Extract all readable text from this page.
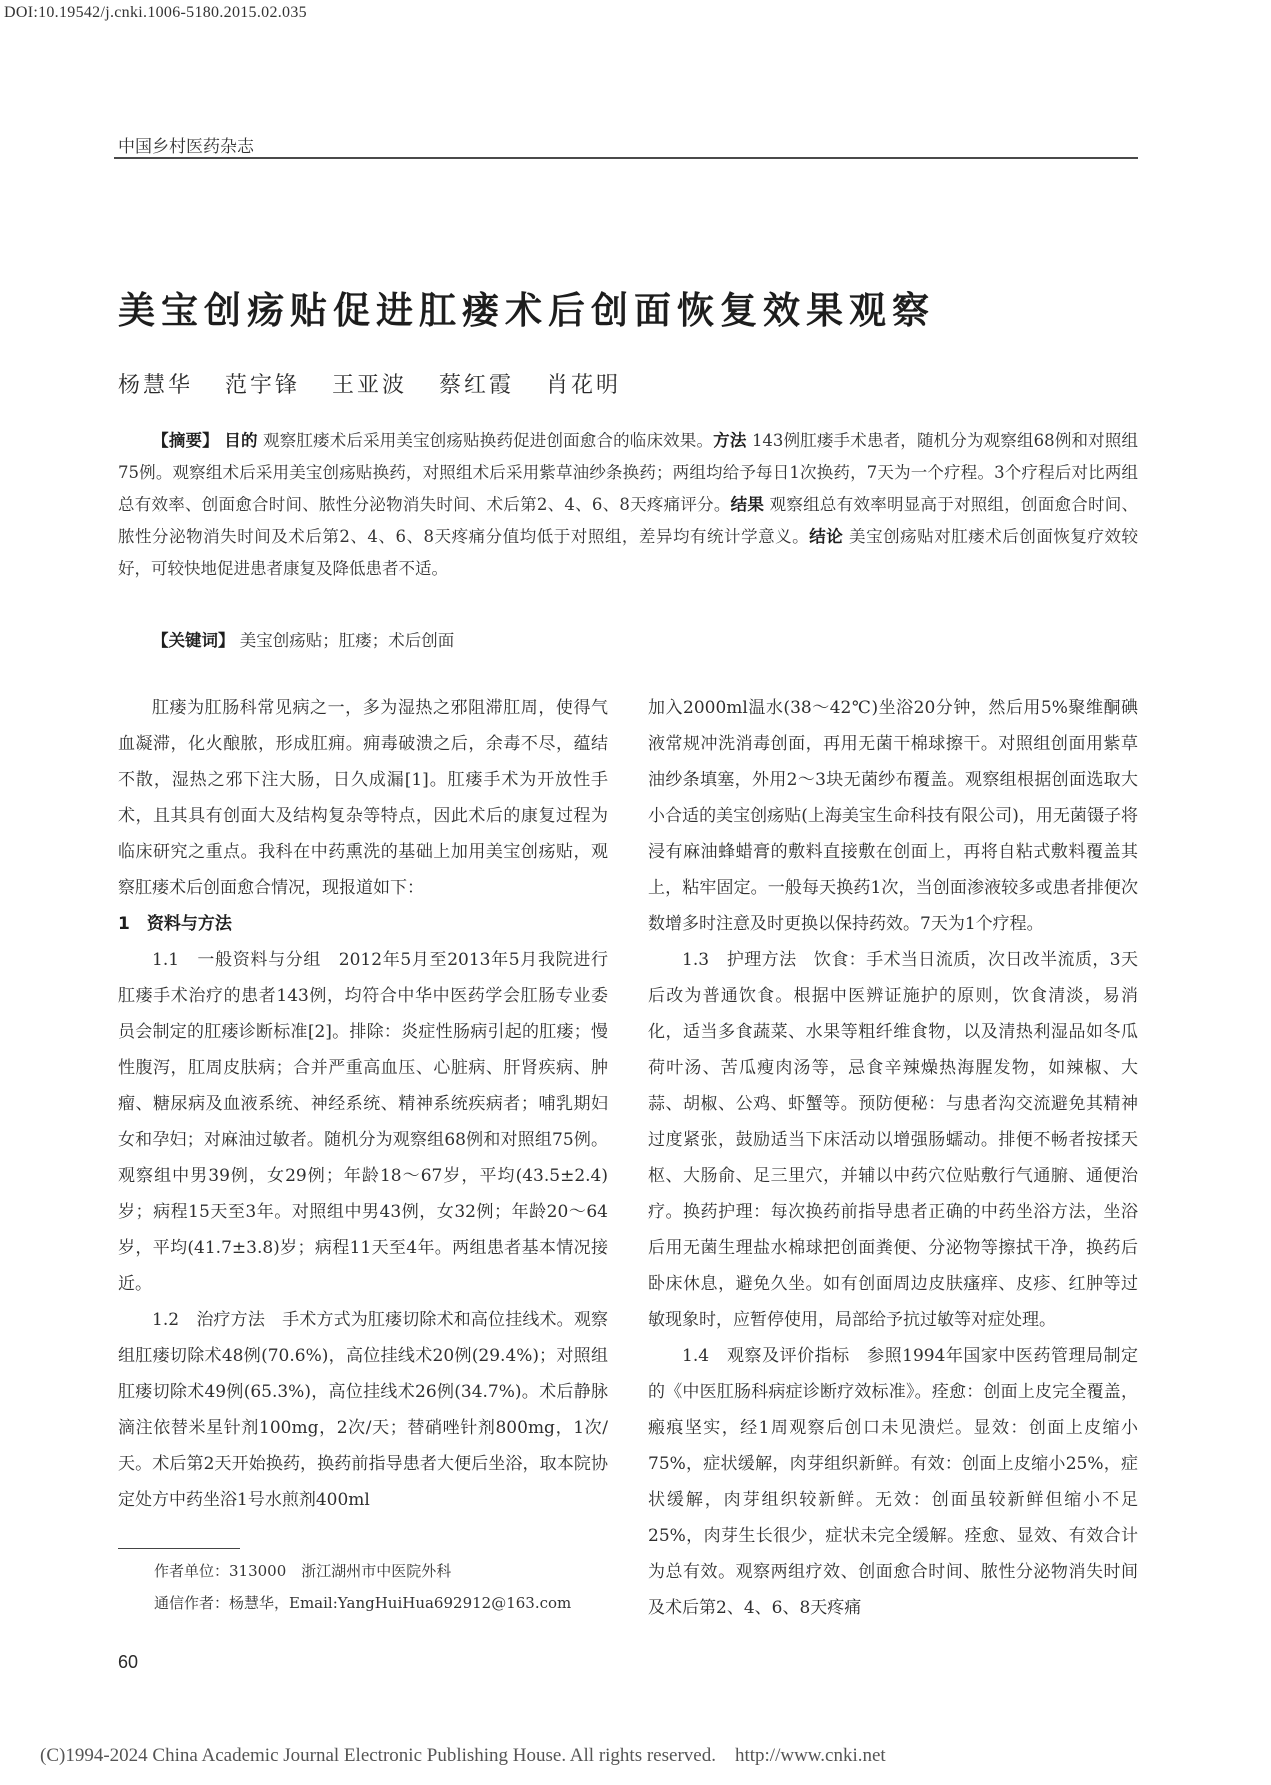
DOI:10.19542/j.cnki.1006-5180.2015.02.035
中国乡村医药杂志
美宝创疡贴促进肛瘘术后创面恢复效果观察
杨慧华 范宇锋 王亚波 蔡红霞 肖花明
【摘要】 目的 观察肛瘘术后采用美宝创疡贴换药促进创面愈合的临床效果。方法 143例肛瘘手术患者，随机分为观察组68例和对照组75例。观察组术后采用美宝创疡贴换药，对照组术后采用紫草油纱条换药；两组均给予每日1次换药，7天为一个疗程。3个疗程后对比两组总有效率、创面愈合时间、脓性分泌物消失时间、术后第2、4、6、8天疼痛评分。结果 观察组总有效率明显高于对照组，创面愈合时间、脓性分泌物消失时间及术后第2、4、6、8天疼痛分值均低于对照组，差异均有统计学意义。结论 美宝创疡贴对肛瘘术后创面恢复疗效较好，可较快地促进患者康复及降低患者不适。
【关键词】 美宝创疡贴；肛瘘；术后创面

肛瘘为肛肠科常见病之一，多为湿热之邪阻滞肛周，使得气血凝滞，化火酿脓，形成肛痈。痈毒破溃之后，余毒不尽，蕴结不散，湿热之邪下注大肠，日久成漏[1]。肛瘘手术为开放性手术，且其具有创面大及结构复杂等特点，因此术后的康复过程为临床研究之重点。我科在中药熏洗的基础上加用美宝创疡贴，观察肛瘘术后创面愈合情况，现报道如下：

1　资料与方法

1.1　一般资料与分组　2012年5月至2013年5月我院进行肛瘘手术治疗的患者143例，均符合中华中医药学会肛肠专业委员会制定的肛瘘诊断标准[2]。排除：炎症性肠病引起的肛瘘；慢性腹泻，肛周皮肤病；合并严重高血压、心脏病、肝肾疾病、肿瘤、糖尿病及血液系统、神经系统、精神系统疾病者；哺乳期妇女和孕妇；对麻油过敏者。随机分为观察组68例和对照组75例。观察组中男39例，女29例；年龄18～67岁，平均(43.5±2.4)岁；病程15天至3年。对照组中男43例，女32例；年龄20～64岁，平均(41.7±3.8)岁；病程11天至4年。两组患者基本情况接近。

1.2　治疗方法　手术方式为肛瘘切除术和高位挂线术。观察组肛瘘切除术48例(70.6%)，高位挂线术20例(29.4%)；对照组肛瘘切除术49例(65.3%)，高位挂线术26例(34.7%)。术后静脉滴注依替米星针剂100mg，2次/天；替硝唑针剂800mg，1次/天。术后第2天开始换药，换药前指导患者大便后坐浴，取本院协定处方中药坐浴1号水煎剂400ml

加入2000ml温水(38～42℃)坐浴20分钟，然后用5%聚维酮碘液常规冲洗消毒创面，再用无菌干棉球擦干。对照组创面用紫草油纱条填塞，外用2～3块无菌纱布覆盖。观察组根据创面选取大小合适的美宝创疡贴(上海美宝生命科技有限公司)，用无菌镊子将浸有麻油蜂蜡膏的敷料直接敷在创面上，再将自粘式敷料覆盖其上，粘牢固定。一般每天换药1次，当创面渗液较多或患者排便次数增多时注意及时更换以保持药效。7天为1个疗程。

1.3　护理方法　饮食：手术当日流质，次日改半流质，3天后改为普通饮食。根据中医辨证施护的原则，饮食清淡，易消化，适当多食蔬菜、水果等粗纤维食物，以及清热利湿品如冬瓜荷叶汤、苦瓜瘦肉汤等，忌食辛辣燥热海腥发物，如辣椒、大蒜、胡椒、公鸡、虾蟹等。预防便秘：与患者沟交流避免其精神过度紧张，鼓励适当下床活动以增强肠蠕动。排便不畅者按揉天枢、大肠俞、足三里穴，并辅以中药穴位贴敷行气通腑、通便治疗。换药护理：每次换药前指导患者正确的中药坐浴方法，坐浴后用无菌生理盐水棉球把创面粪便、分泌物等擦拭干净，换药后卧床休息，避免久坐。如有创面周边皮肤瘙痒、皮疹、红肿等过敏现象时，应暂停使用，局部给予抗过敏等对症处理。

1.4　观察及评价指标　参照1994年国家中医药管理局制定的《中医肛肠科病症诊断疗效标准》。痊愈：创面上皮完全覆盖，瘢痕坚实，经1周观察后创口未见溃烂。显效：创面上皮缩小75%，症状缓解，肉芽组织新鲜。有效：创面上皮缩小25%，症状缓解，肉芽组织较新鲜。无效：创面虽较新鲜但缩小不足25%，肉芽生长很少，症状未完全缓解。痊愈、显效、有效合计为总有效。观察两组疗效、创面愈合时间、脓性分泌物消失时间及术后第2、4、6、8天疼痛

作者单位：313000　浙江湖州市中医院外科
通信作者：杨慧华，Email:YangHuiHua692912@163.com
60
(C)1994-2024 China Academic Journal Electronic Publishing House. All rights reserved.　http://www.cnki.net
